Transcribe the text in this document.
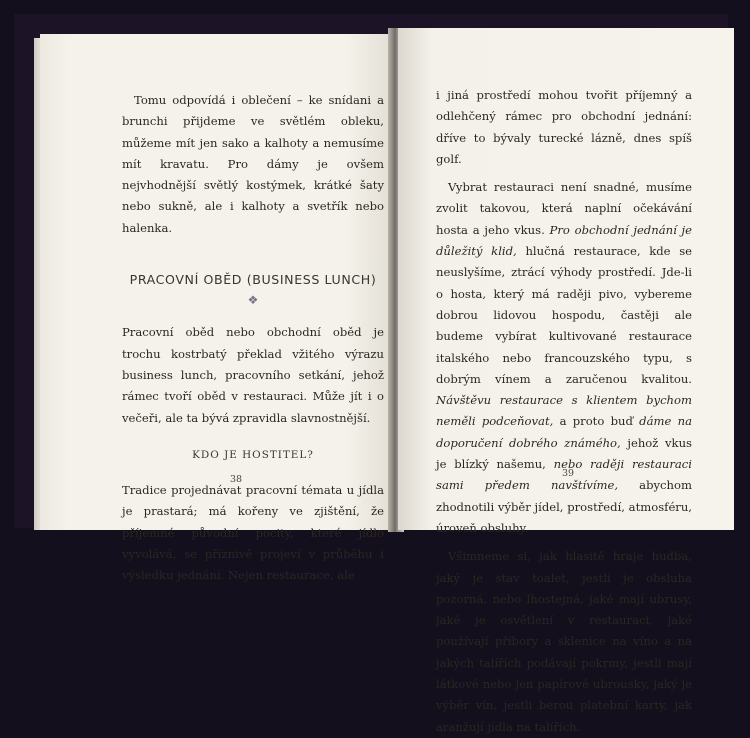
Tomu odpovídá i oblečení – ke snídani a brunchi přijdeme ve světlém obleku, můžeme mít jen sako a kalhoty a nemusíme mít kravatu. Pro dámy je ovšem nejvhodnější světlý kostýmek, krátké šaty nebo sukně, ale i kalhoty a svetřík nebo halenka.

PRACOVNÍ OBĚD (BUSINESS LUNCH)
❖

Pracovní oběd nebo obchodní oběd je trochu kostrbatý překlad vžitého výrazu business lunch, pracovního setkání, jehož rámec tvoří oběd v restauraci. Může jít i o večeři, ale ta bývá zpravidla slavnostnější.

KDO JE HOSTITEL?

Tradice projednávat pracovní témata u jídla je prastará; má kořeny ve zjištění, že příjemné původní pocity, které jídlo vyvolává, se příznivě projeví v průběhu i výsledku jednání. Nejen restaurace, ale

38

i jiná prostředí mohou tvořit příjemný a odlehčený rámec pro obchodní jednání: dříve to bývaly turecké lázně, dnes spíš golf.

Vybrat restauraci není snadné, musíme zvolit takovou, která naplní očekávání hosta a jeho vkus. Pro obchodní jednání je důležitý klid, hlučná restaurace, kde se neuslyšíme, ztrácí výhody prostředí. Jde-li o hosta, který má raději pivo, vybereme dobrou lidovou hospodu, častěji ale budeme vybírat kultivované restaurace italského nebo francouzského typu, s dobrým vínem a zaručenou kvalitou. Návštěvu restaurace s klientem bychom neměli podceňovat, a proto buď dáme na doporučení dobrého známého, jehož vkus je blízký našemu, nebo raději restauraci sami předem navštívíme, abychom zhodnotili výběr jídel, prostředí, atmosféru, úroveň obsluhy.

Všimneme si, jak hlasitě hraje hudba, jaký je stav toalet, jestli je obsluha pozorná, nebo lhostejná, jaké mají ubrusy, jaké je osvětlení v restauraci, jaké používají příbory a sklenice na víno a na jakých talířích podávají pokrmy, jestli mají látkové nebo jen papírové ubrousky, jaký je výběr vín, jestli berou platební karty, jak aranžují jídla na talířích.

39
